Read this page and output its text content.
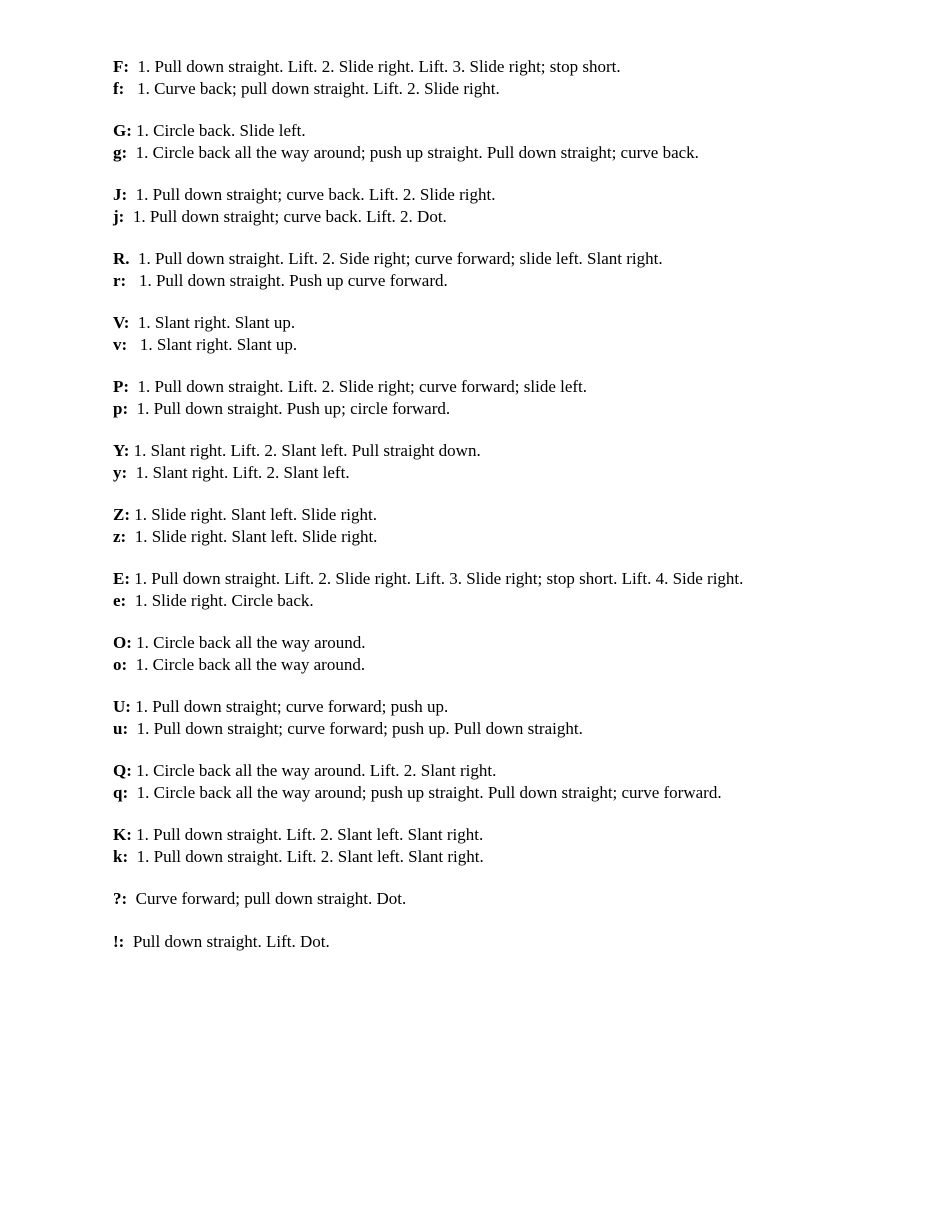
F:  1. Pull down straight. Lift. 2. Slide right. Lift. 3. Slide right; stop short.
f:   1. Curve back; pull down straight. Lift. 2. Slide right.
G: 1. Circle back. Slide left.
g:  1. Circle back all the way around; push up straight. Pull down straight; curve back.
J:  1. Pull down straight; curve back. Lift. 2. Slide right.
j:  1. Pull down straight; curve back. Lift. 2. Dot.
R.  1. Pull down straight. Lift. 2. Side right; curve forward; slide left. Slant right.
r:   1. Pull down straight. Push up curve forward.
V:  1. Slant right. Slant up.
v:   1. Slant right. Slant up.
P:  1. Pull down straight. Lift. 2. Slide right; curve forward; slide left.
p:  1. Pull down straight. Push up; circle forward.
Y: 1. Slant right. Lift. 2. Slant left. Pull straight down.
y:  1. Slant right. Lift. 2. Slant left.
Z: 1. Slide right. Slant left. Slide right.
z:  1. Slide right. Slant left. Slide right.
E: 1. Pull down straight. Lift. 2. Slide right. Lift. 3. Slide right; stop short. Lift. 4. Side right.
e:  1. Slide right. Circle back.
O: 1. Circle back all the way around.
o:  1. Circle back all the way around.
U: 1. Pull down straight; curve forward; push up.
u:  1. Pull down straight; curve forward; push up. Pull down straight.
Q: 1. Circle back all the way around. Lift. 2. Slant right.
q:  1. Circle back all the way around; push up straight. Pull down straight; curve forward.
K: 1. Pull down straight. Lift. 2. Slant left. Slant right.
k:  1. Pull down straight. Lift. 2. Slant left. Slant right.
?:  Curve forward; pull down straight. Dot.
!:  Pull down straight. Lift. Dot.
